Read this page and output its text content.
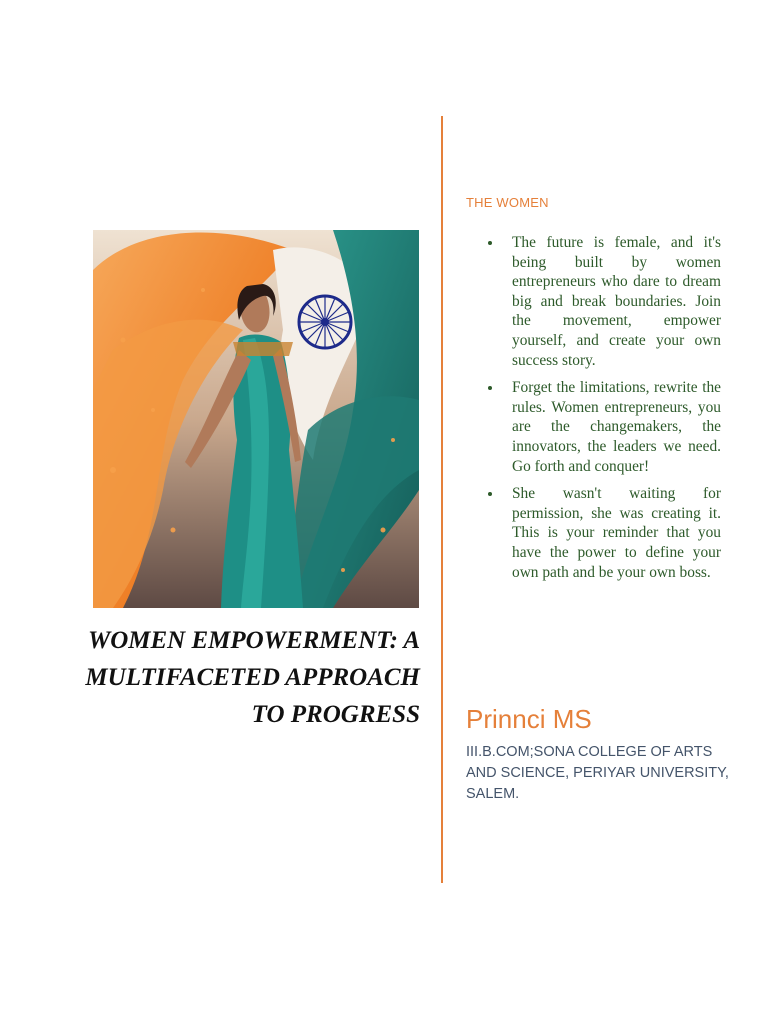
WOMEN EMPOWERMENT: A MULTIFACETED APPROACH TO PROGRESS
THE WOMEN
The future is female, and it's being built by women entrepreneurs who dare to dream big and break boundaries. Join the movement, empower yourself, and create your own success story.
Forget the limitations, rewrite the rules. Women entrepreneurs, you are the changemakers, the innovators, the leaders we need. Go forth and conquer!
She wasn't waiting for permission, she was creating it. This is your reminder that you have the power to define your own path and be your own boss.
Prinnci MS

III.B.COM;SONA COLLEGE OF ARTS AND SCIENCE, PERIYAR UNIVERSITY, SALEM.
